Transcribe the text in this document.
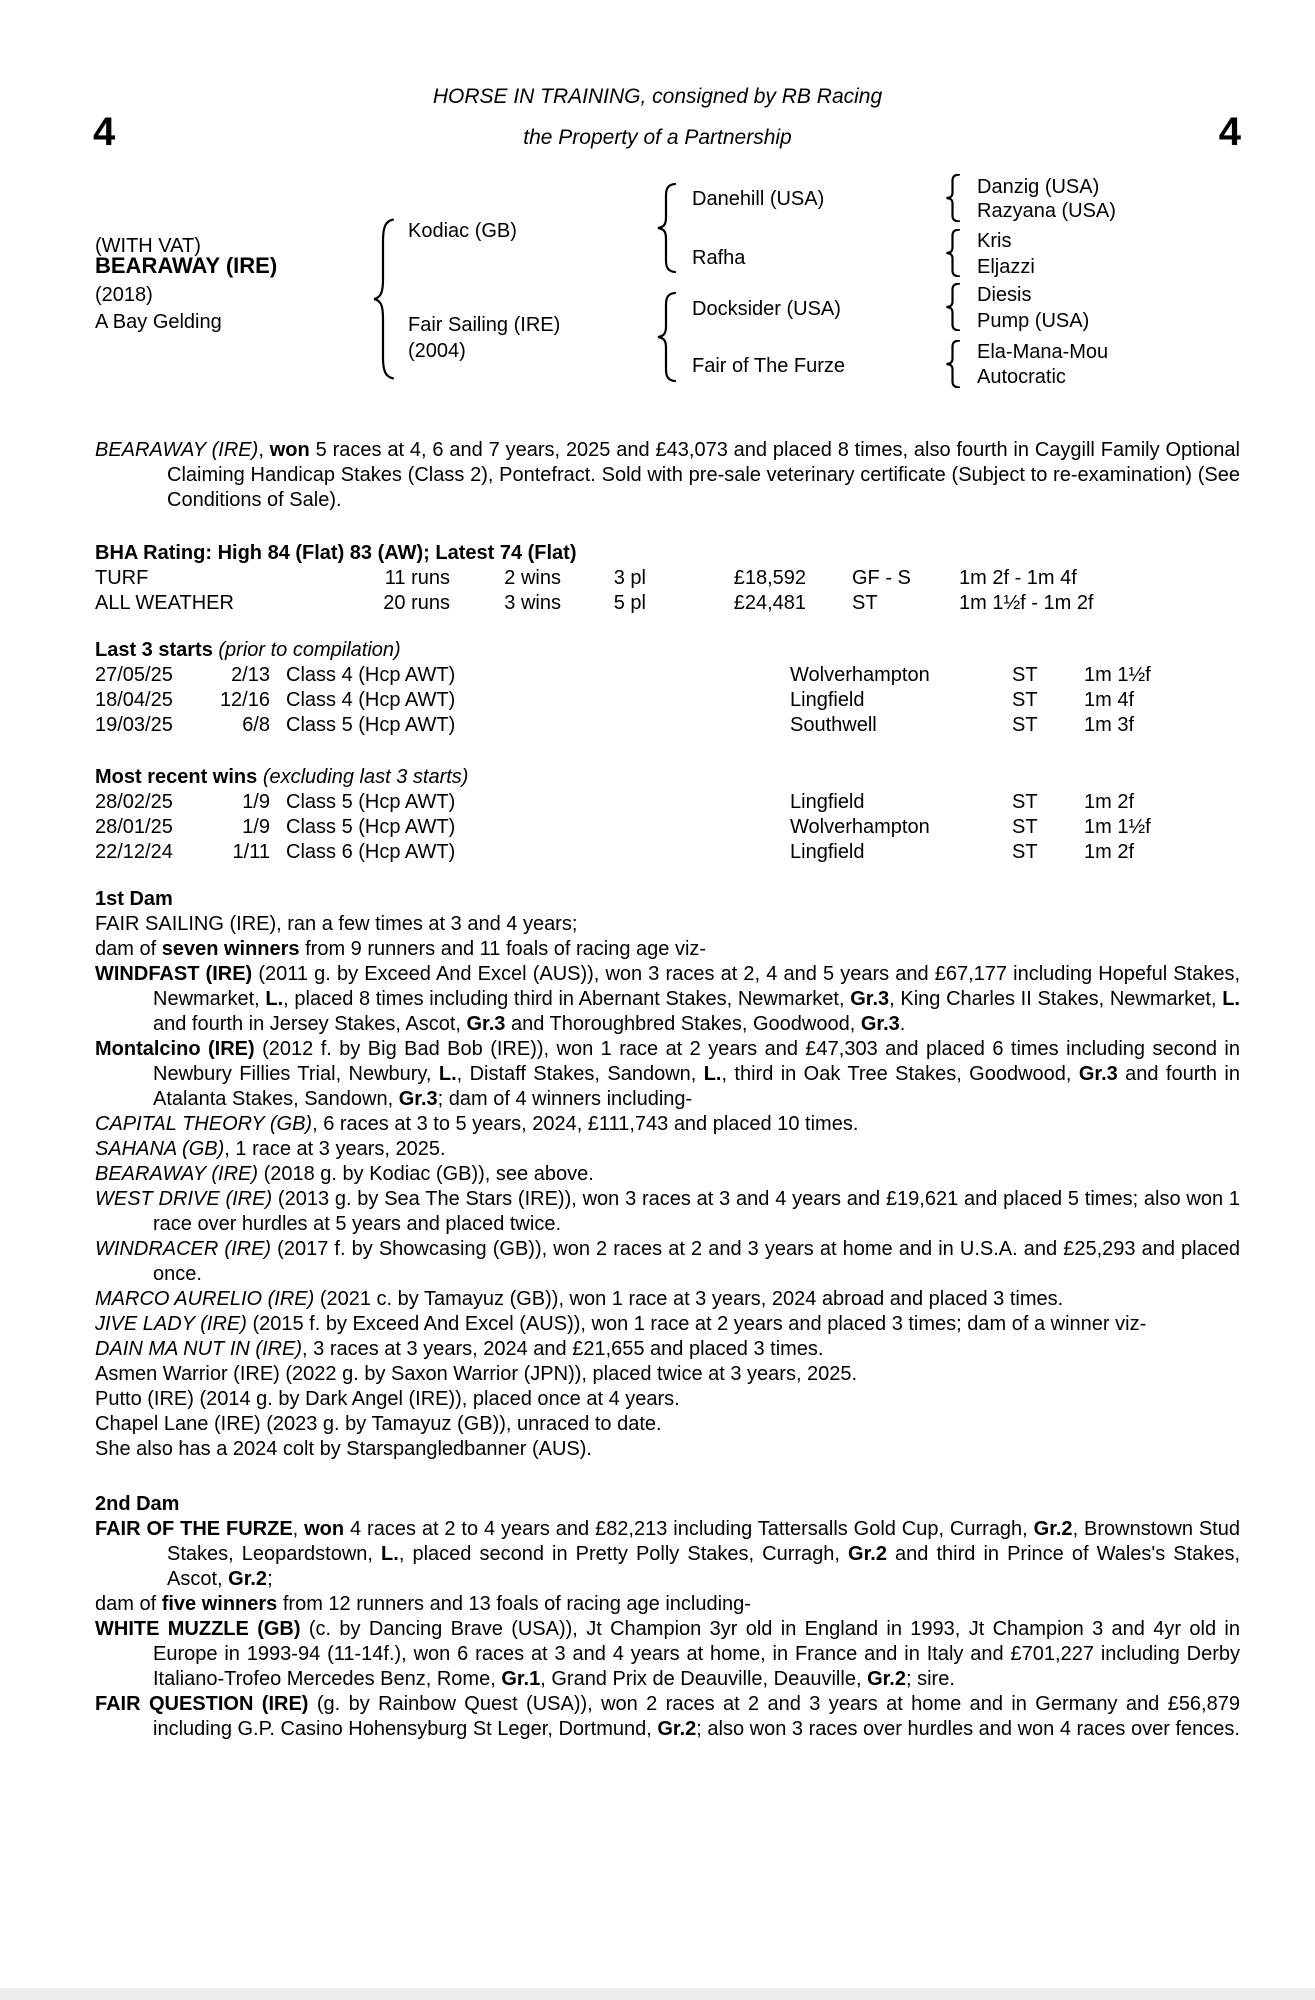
4	4
HORSE IN TRAINING, consigned by RB Racing
the Property of a Partnership
(WITH VAT)
BEARAWAY (IRE)
(2018)
A Bay Gelding
Kodiac (GB)
Fair Sailing (IRE)
(2004)
Danehill (USA)
Rafha
Docksider (USA)
Fair of The Furze
Danzig (USA)
Razyana (USA)
Kris
Eljazzi
Diesis
Pump (USA)
Ela-Mana-Mou
Autocratic

BEARAWAY (IRE), won 5 races at 4, 6 and 7 years, 2025 and £43,073 and placed 8 times, also fourth in Caygill Family Optional Claiming Handicap Stakes (Class 2), Pontefract. Sold with pre-sale veterinary certificate (Subject to re-examination) (See Conditions of Sale).

BHA Rating: High 84 (Flat) 83 (AW); Latest 74 (Flat)
TURF	11 runs	2 wins	3 pl	£18,592	GF - S	1m 2f - 1m 4f
ALL WEATHER	20 runs	3 wins	5 pl	£24,481	ST	1m 1½f - 1m 2f
Last 3 starts (prior to compilation)
27/05/25	2/13 Class 4 (Hcp AWT)	Wolverhampton	ST	1m 1½f
18/04/25	12/16 Class 4 (Hcp AWT)	Lingfield	ST	1m 4f
19/03/25	6/8 Class 5 (Hcp AWT)	Southwell	ST	1m 3f
Most recent wins (excluding last 3 starts)
28/02/25	1/9 Class 5 (Hcp AWT)	Lingfield	ST	1m 2f
28/01/25	1/9 Class 5 (Hcp AWT)	Wolverhampton	ST	1m 1½f
22/12/24	1/11 Class 6 (Hcp AWT)	Lingfield	ST	1m 2f
1st Dam

FAIR SAILING (IRE), ran a few times at 3 and 4 years;

dam of seven winners from 9 runners and 11 foals of racing age viz-

WINDFAST (IRE) (2011 g. by Exceed And Excel (AUS)), won 3 races at 2, 4 and 5 years and £67,177 including Hopeful Stakes, Newmarket, L., placed 8 times including third in Abernant Stakes, Newmarket, Gr.3, King Charles II Stakes, Newmarket, L. and fourth in Jersey Stakes, Ascot, Gr.3 and Thoroughbred Stakes, Goodwood, Gr.3.

Montalcino (IRE) (2012 f. by Big Bad Bob (IRE)), won 1 race at 2 years and £47,303 and placed 6 times including second in Newbury Fillies Trial, Newbury, L., Distaff Stakes, Sandown, L., third in Oak Tree Stakes, Goodwood, Gr.3 and fourth in Atalanta Stakes, Sandown, Gr.3; dam of 4 winners including-

CAPITAL THEORY (GB), 6 races at 3 to 5 years, 2024, £111,743 and placed 10 times.

SAHANA (GB), 1 race at 3 years, 2025.

BEARAWAY (IRE) (2018 g. by Kodiac (GB)), see above.

WEST DRIVE (IRE) (2013 g. by Sea The Stars (IRE)), won 3 races at 3 and 4 years and £19,621 and placed 5 times; also won 1 race over hurdles at 5 years and placed twice.

WINDRACER (IRE) (2017 f. by Showcasing (GB)), won 2 races at 2 and 3 years at home and in U.S.A. and £25,293 and placed once.

MARCO AURELIO (IRE) (2021 c. by Tamayuz (GB)), won 1 race at 3 years, 2024 abroad and placed 3 times.

JIVE LADY (IRE) (2015 f. by Exceed And Excel (AUS)), won 1 race at 2 years and placed 3 times; dam of a winner viz-

DAIN MA NUT IN (IRE), 3 races at 3 years, 2024 and £21,655 and placed 3 times.

Asmen Warrior (IRE) (2022 g. by Saxon Warrior (JPN)), placed twice at 3 years, 2025.

Putto (IRE) (2014 g. by Dark Angel (IRE)), placed once at 4 years.

Chapel Lane (IRE) (2023 g. by Tamayuz (GB)), unraced to date.

She also has a 2024 colt by Starspangledbanner (AUS).

2nd Dam

FAIR OF THE FURZE, won 4 races at 2 to 4 years and £82,213 including Tattersalls Gold Cup, Curragh, Gr.2, Brownstown Stud Stakes, Leopardstown, L., placed second in Pretty Polly Stakes, Curragh, Gr.2 and third in Prince of Wales's Stakes, Ascot, Gr.2;

dam of five winners from 12 runners and 13 foals of racing age including-

WHITE MUZZLE (GB) (c. by Dancing Brave (USA)), Jt Champion 3yr old in England in 1993, Jt Champion 3 and 4yr old in Europe in 1993-94 (11-14f.), won 6 races at 3 and 4 years at home, in France and in Italy and £701,227 including Derby Italiano-Trofeo Mercedes Benz, Rome, Gr.1, Grand Prix de Deauville, Deauville, Gr.2; sire.

FAIR QUESTION (IRE) (g. by Rainbow Quest (USA)), won 2 races at 2 and 3 years at home and in Germany and £56,879 including G.P. Casino Hohensyburg St Leger, Dortmund, Gr.2; also won 3 races over hurdles and won 4 races over fences.
